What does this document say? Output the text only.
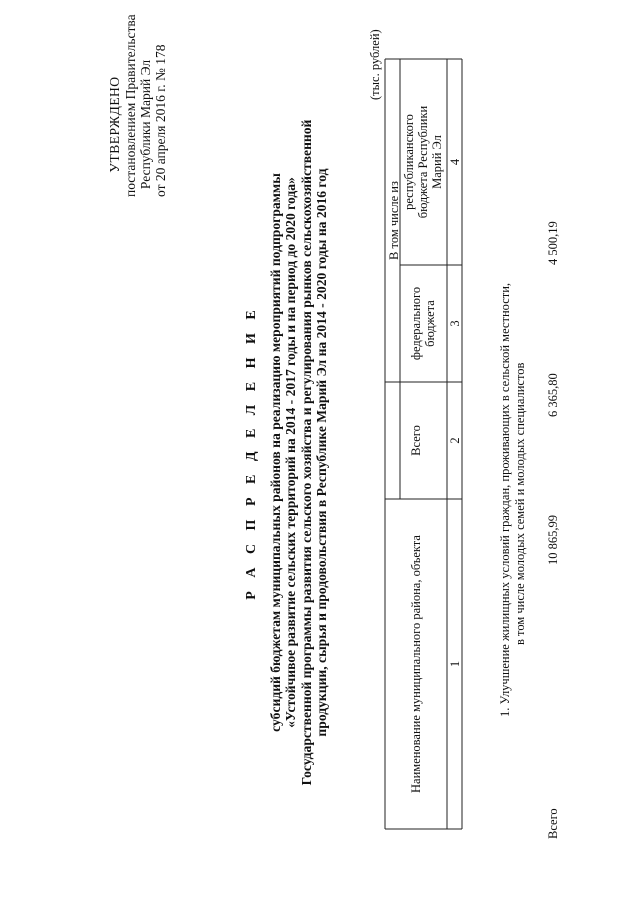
УТВЕРЖДЕНО постановлением Правительства Республики Марий Эл от 20 апреля 2016 г. № 178
Р А С П Р Е Д Е Л Е Н И Е субсидий бюджетам муниципальных районов на реализацию мероприятий подпрограммы «Устойчивое развитие сельских территорий на 2014 - 2017 годы и на период до 2020 года» Государственной программы развития сельского хозяйства и регулирования рынков сельскохозяйственной продукции, сырья и продовольствия в Республике Марий Эл на 2014 - 2020 годы на 2016 год
(тыс. рублей)
Наименование муниципального района, объекта
Всего
В том числе из
федерального бюджета
республиканского бюджета Республики Марий Эл
1
2
3
4
1. Улучшение жилищных условий граждан, проживающих в сельской местности, в том числе молодых семей и молодых специалистов
Всего
10 865,99
6 365,80
4 500,19
